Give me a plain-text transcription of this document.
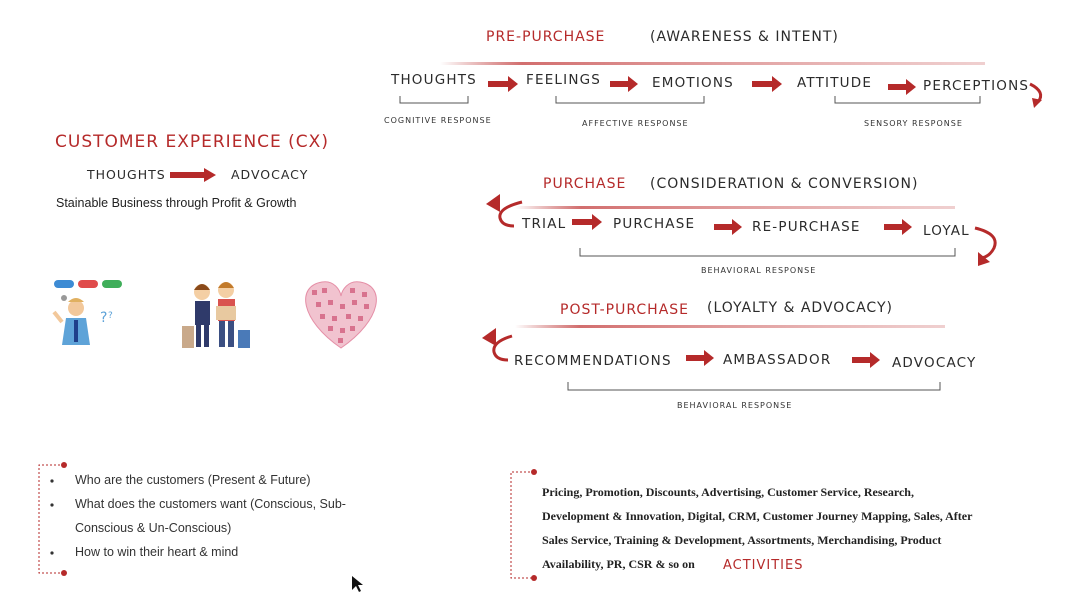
? ?
CUSTOMER EXPERIENCE (CX)
THOUGHTS	ADVOCACY
Stainable Business through Profit & Growth
Who are the customers (Present & Future)
What does the customers want (Conscious, Sub-
Conscious & Un-Conscious)
How to win their heart & mind
PRE-PURCHASE	(AWARENESS & INTENT)
THOUGHTS	FEELINGS	EMOTIONS	ATTITUDE	PERCEPTIONS
COGNITIVE RESPONSE	AFFECTIVE RESPONSE	SENSORY RESPONSE
PURCHASE (CONSIDERATION & CONVERSION)
TRIAL	PURCHASE	RE-PURCHASE	LOYAL
BEHAVIORAL RESPONSE
POST-PURCHASE (LOYALTY & ADVOCACY)
RECOMMENDATIONS	AMBASSADOR	ADVOCACY
BEHAVIORAL RESPONSE
Pricing, Promotion, Discounts, Advertising, Customer Service, Research,
Development & Innovation, Digital, CRM, Customer Journey Mapping, Sales, After
Sales Service, Training & Development, Assortments, Merchandising, Product
Availability, PR, CSR & so on ACTIVITIES
